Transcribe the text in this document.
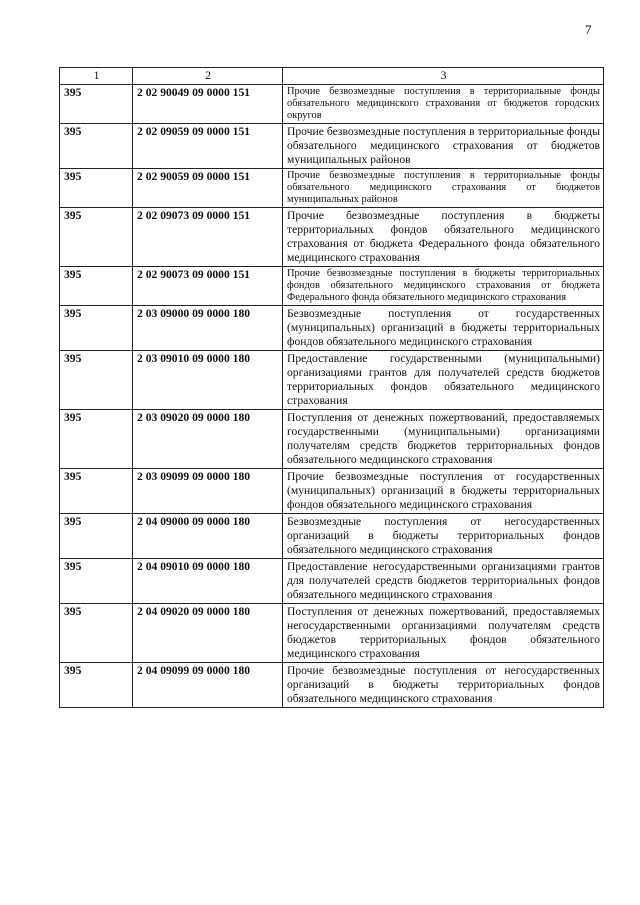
7
1	2	3
395	2 02 90049 09 0000 151	Прочие безвозмездные поступления в территориальные фонды обязательного медицинского страхования от бюджетов городских округов
395	2 02 09059 09 0000 151	Прочие безвозмездные поступления в территориальные фонды обязательного медицинского страхования от бюджетов муниципальных районов
395	2 02 90059 09 0000 151	Прочие безвозмездные поступления в территориальные фонды обязательного медицинского страхования от бюджетов муниципальных районов
395	2 02 09073 09 0000 151	Прочие безвозмездные поступления в бюджеты территориальных фондов обязательного медицинского страхования от бюджета Федерального фонда обязательного медицинского страхования
395	2 02 90073 09 0000 151	Прочие безвозмездные поступления в бюджеты территориальных фондов обязательного медицинского страхования от бюджета Федерального фонда обязательного медицинского страхования
395	2 03 09000 09 0000 180	Безвозмездные поступления от государственных (муниципальных) организаций в бюджеты территориальных фондов обязательного медицинского страхования
395	2 03 09010 09 0000 180	Предоставление государственными (муниципальными) организациями грантов для получателей средств бюджетов территориальных фондов обязательного медицинского страхования
395	2 03 09020 09 0000 180	Поступления от денежных пожертвований, предоставляемых государственными (муниципальными) организациями получателям средств бюджетов территориальных фондов обязательного медицинского страхования
395	2 03 09099 09 0000 180	Прочие безвозмездные поступления от государственных (муниципальных) организаций в бюджеты территориальных фондов обязательного медицинского страхования
395	2 04 09000 09 0000 180	Безвозмездные поступления от негосударственных организаций в бюджеты территориальных фондов обязательного медицинского страхования
395	2 04 09010 09 0000 180	Предоставление негосударственными организациями грантов для получателей средств бюджетов территориальных фондов обязательного медицинского страхования
395	2 04 09020 09 0000 180	Поступления от денежных пожертвований, предоставляемых негосударственными организациями получателям средств бюджетов территориальных фондов обязательного медицинского страхования
395	2 04 09099 09 0000 180	Прочие безвозмездные поступления от негосударственных организаций в бюджеты территориальных фондов обязательного медицинского страхования
